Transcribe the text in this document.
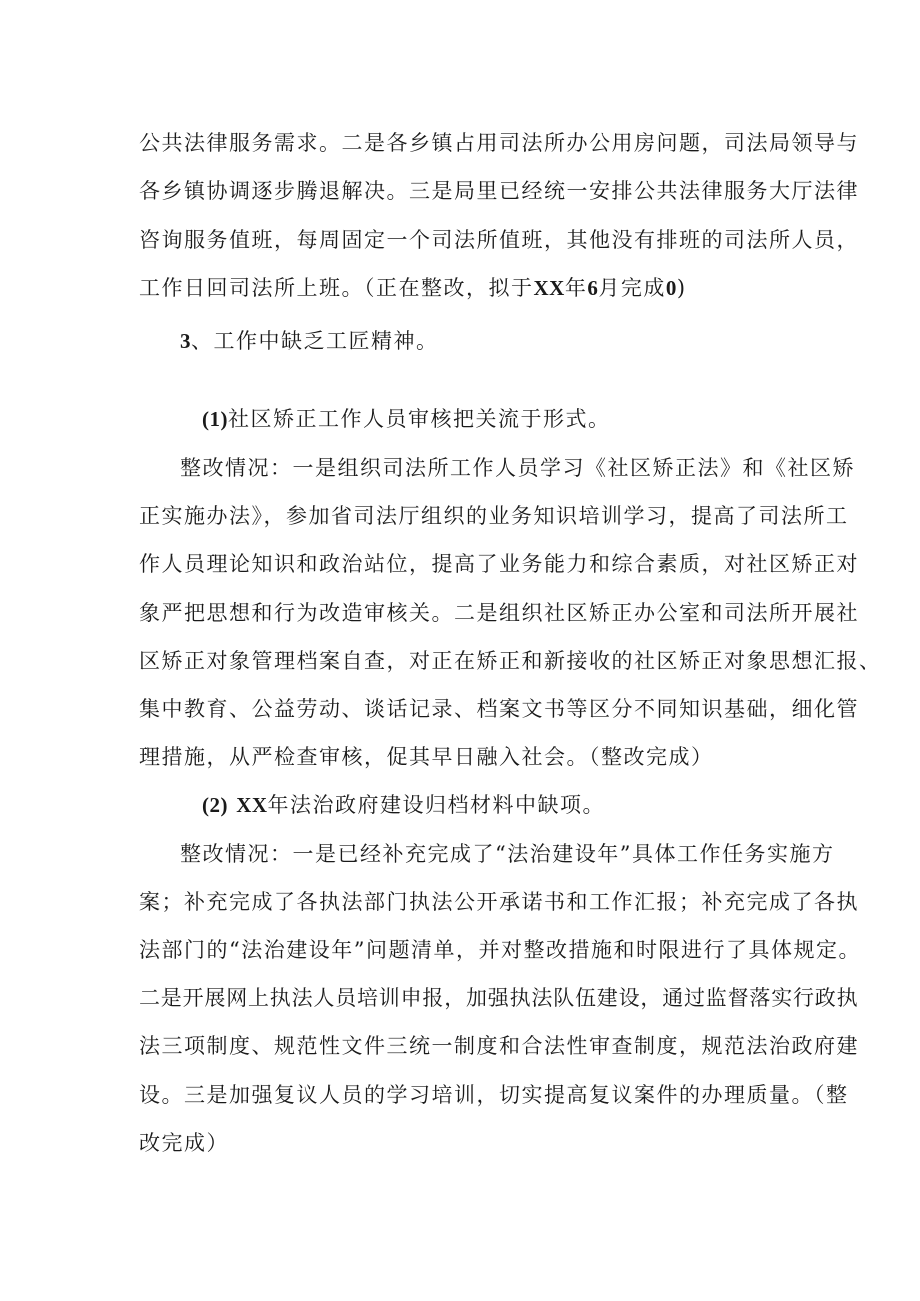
公共法律服务需求。二是各乡镇占用司法所办公用房问题，司法局领导与
各乡镇协调逐步腾退解决。三是局里已经统一安排公共法律服务大厅法律
咨询服务值班，每周固定一个司法所值班，其他没有排班的司法所人员，
工作日回司法所上班。（正在整改，拟于XX年6月完成0)
3、工作中缺乏工匠精神。
(1)社区矫正工作人员审核把关流于形式。
整改情况：一是组织司法所工作人员学习《社区矫正法》和《社区矫
正实施办法》，参加省司法厅组织的业务知识培训学习，提高了司法所工
作人员理论知识和政治站位，提高了业务能力和综合素质，对社区矫正对
象严把思想和行为改造审核关。二是组织社区矫正办公室和司法所开展社
区矫正对象管理档案自查，对正在矫正和新接收的社区矫正对象思想汇报、
集中教育、公益劳动、谈话记录、档案文书等区分不同知识基础，细化管
理措施，从严检查审核，促其早日融入社会。（整改完成）
(2) XX年法治政府建设归档材料中缺项。
整改情况：一是已经补充完成了“法治建设年”具体工作任务实施方
案；补充完成了各执法部门执法公开承诺书和工作汇报；补充完成了各执
法部门的“法治建设年”问题清单，并对整改措施和时限进行了具体规定。
二是开展网上执法人员培训申报，加强执法队伍建设，通过监督落实行政执
法三项制度、规范性文件三统一制度和合法性审查制度，规范法治政府建
设。三是加强复议人员的学习培训，切实提高复议案件的办理质量。（整
改完成）
